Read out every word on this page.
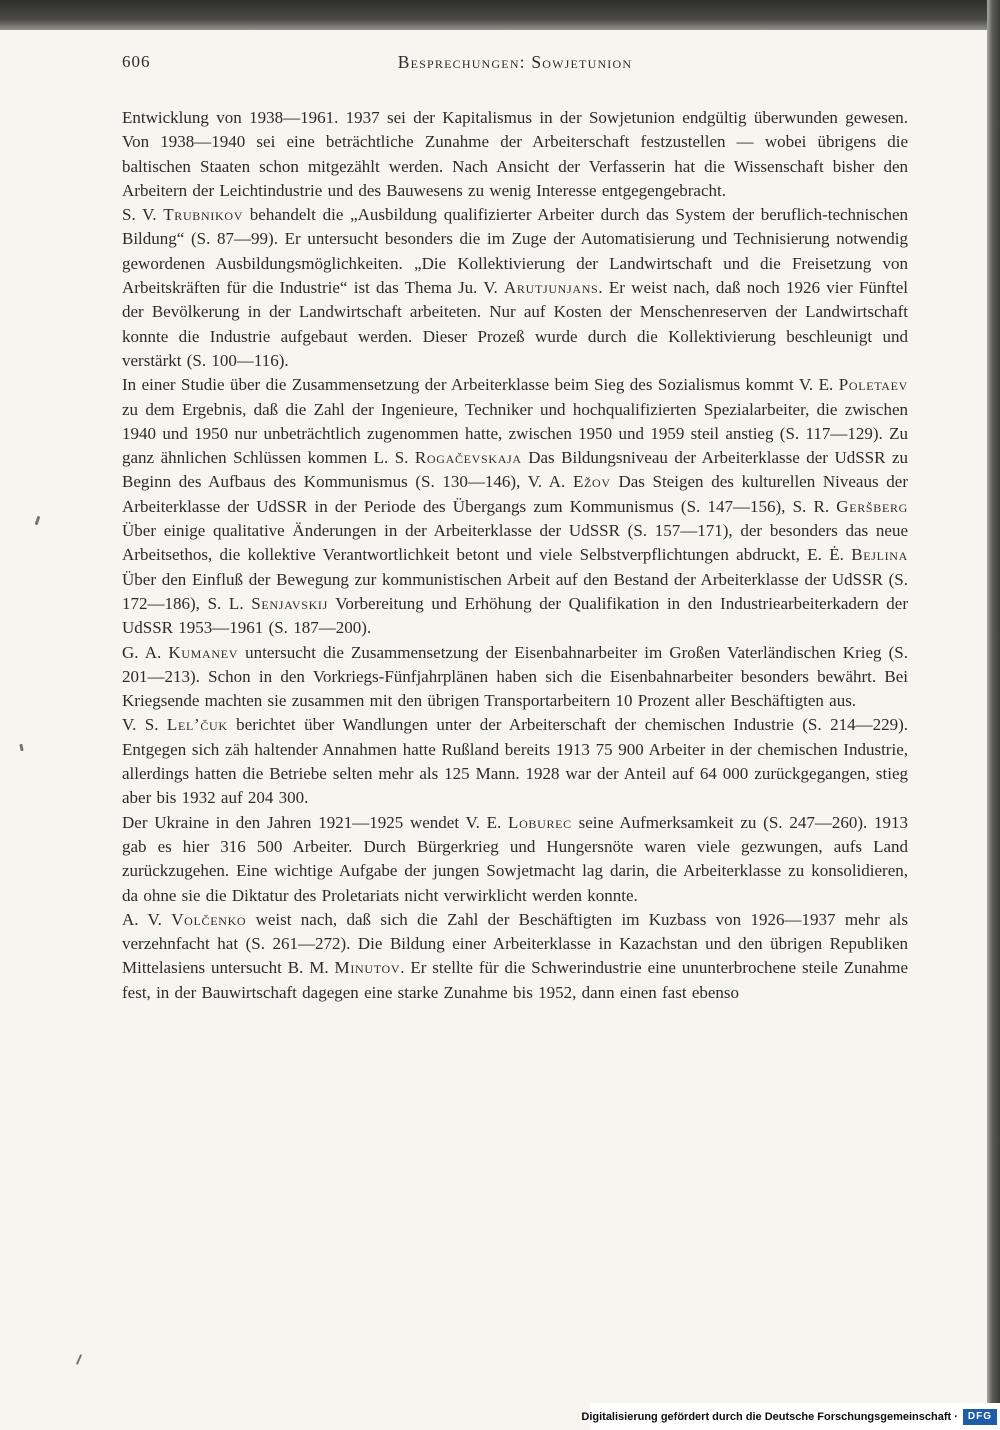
606	Besprechungen: Sowjetunion

Entwicklung von 1938—1961. 1937 sei der Kapitalismus in der Sowjetunion endgültig überwunden gewesen. Von 1938—1940 sei eine beträchtliche Zunahme der Arbeiterschaft festzustellen — wobei übrigens die baltischen Staaten schon mitgezählt werden. Nach Ansicht der Verfasserin hat die Wissenschaft bisher den Arbeitern der Leichtindustrie und des Bauwesens zu wenig Interesse entgegengebracht.

S. V. Trubnikov behandelt die „Ausbildung qualifizierter Arbeiter durch das System der beruflich-technischen Bildung“ (S. 87—99). Er untersucht besonders die im Zuge der Automatisierung und Technisierung notwendig gewordenen Ausbildungsmöglichkeiten. „Die Kollektivierung der Landwirtschaft und die Freisetzung von Arbeitskräften für die Industrie“ ist das Thema Ju. V. Arutjunjans. Er weist nach, daß noch 1926 vier Fünftel der Bevölkerung in der Landwirtschaft arbeiteten. Nur auf Kosten der Menschenreserven der Landwirtschaft konnte die Industrie aufgebaut werden. Dieser Prozeß wurde durch die Kollektivierung beschleunigt und verstärkt (S. 100—116).

In einer Studie über die Zusammensetzung der Arbeiterklasse beim Sieg des Sozialismus kommt V. E. Poletaev zu dem Ergebnis, daß die Zahl der Ingenieure, Techniker und hochqualifizierten Spezialarbeiter, die zwischen 1940 und 1950 nur unbeträchtlich zugenommen hatte, zwischen 1950 und 1959 steil anstieg (S. 117—129). Zu ganz ähnlichen Schlüssen kommen L. S. Rogačevskaja Das Bildungsniveau der Arbeiterklasse der UdSSR zu Beginn des Aufbaus des Kommunismus (S. 130—146), V. A. Ežov Das Steigen des kulturellen Niveaus der Arbeiterklasse der UdSSR in der Periode des Übergangs zum Kommunismus (S. 147—156), S. R. Geršberg Über einige qualitative Änderungen in der Arbeiterklasse der UdSSR (S. 157—171), der besonders das neue Arbeitsethos, die kollektive Verantwortlichkeit betont und viele Selbstverpflichtungen abdruckt, E. Ė. Bejlina Über den Einfluß der Bewegung zur kommunistischen Arbeit auf den Bestand der Arbeiterklasse der UdSSR (S. 172—186), S. L. Senjavskij Vorbereitung und Erhöhung der Qualifikation in den Industriearbeiterkadern der UdSSR 1953—1961 (S. 187—200).

G. A. Kumanev untersucht die Zusammensetzung der Eisenbahnarbeiter im Großen Vaterländischen Krieg (S. 201—213). Schon in den Vorkriegs-Fünfjahrplänen haben sich die Eisenbahnarbeiter besonders bewährt. Bei Kriegsende machten sie zusammen mit den übrigen Transportarbeitern 10 Prozent aller Beschäftigten aus.

V. S. Lel’čuk berichtet über Wandlungen unter der Arbeiterschaft der chemischen Industrie (S. 214—229). Entgegen sich zäh haltender Annahmen hatte Rußland bereits 1913 75 900 Arbeiter in der chemischen Industrie, allerdings hatten die Betriebe selten mehr als 125 Mann. 1928 war der Anteil auf 64 000 zurückgegangen, stieg aber bis 1932 auf 204 300.

Der Ukraine in den Jahren 1921—1925 wendet V. E. Loburec seine Aufmerksamkeit zu (S. 247—260). 1913 gab es hier 316 500 Arbeiter. Durch Bürgerkrieg und Hungersnöte waren viele gezwungen, aufs Land zurückzugehen. Eine wichtige Aufgabe der jungen Sowjetmacht lag darin, die Arbeiterklasse zu konsolidieren, da ohne sie die Diktatur des Proletariats nicht verwirklicht werden konnte.

A. V. Volčenko weist nach, daß sich die Zahl der Beschäftigten im Kuzbass von 1926—1937 mehr als verzehnfacht hat (S. 261—272). Die Bildung einer Arbeiterklasse in Kazachstan und den übrigen Republiken Mittelasiens untersucht B. M. Minutov. Er stellte für die Schwerindustrie eine ununterbrochene steile Zunahme fest, in der Bauwirtschaft dagegen eine starke Zunahme bis 1952, dann einen fast ebenso

Digitalisierung gefördert durch die Deutsche Forschungsgemeinschaft ·	DFG
